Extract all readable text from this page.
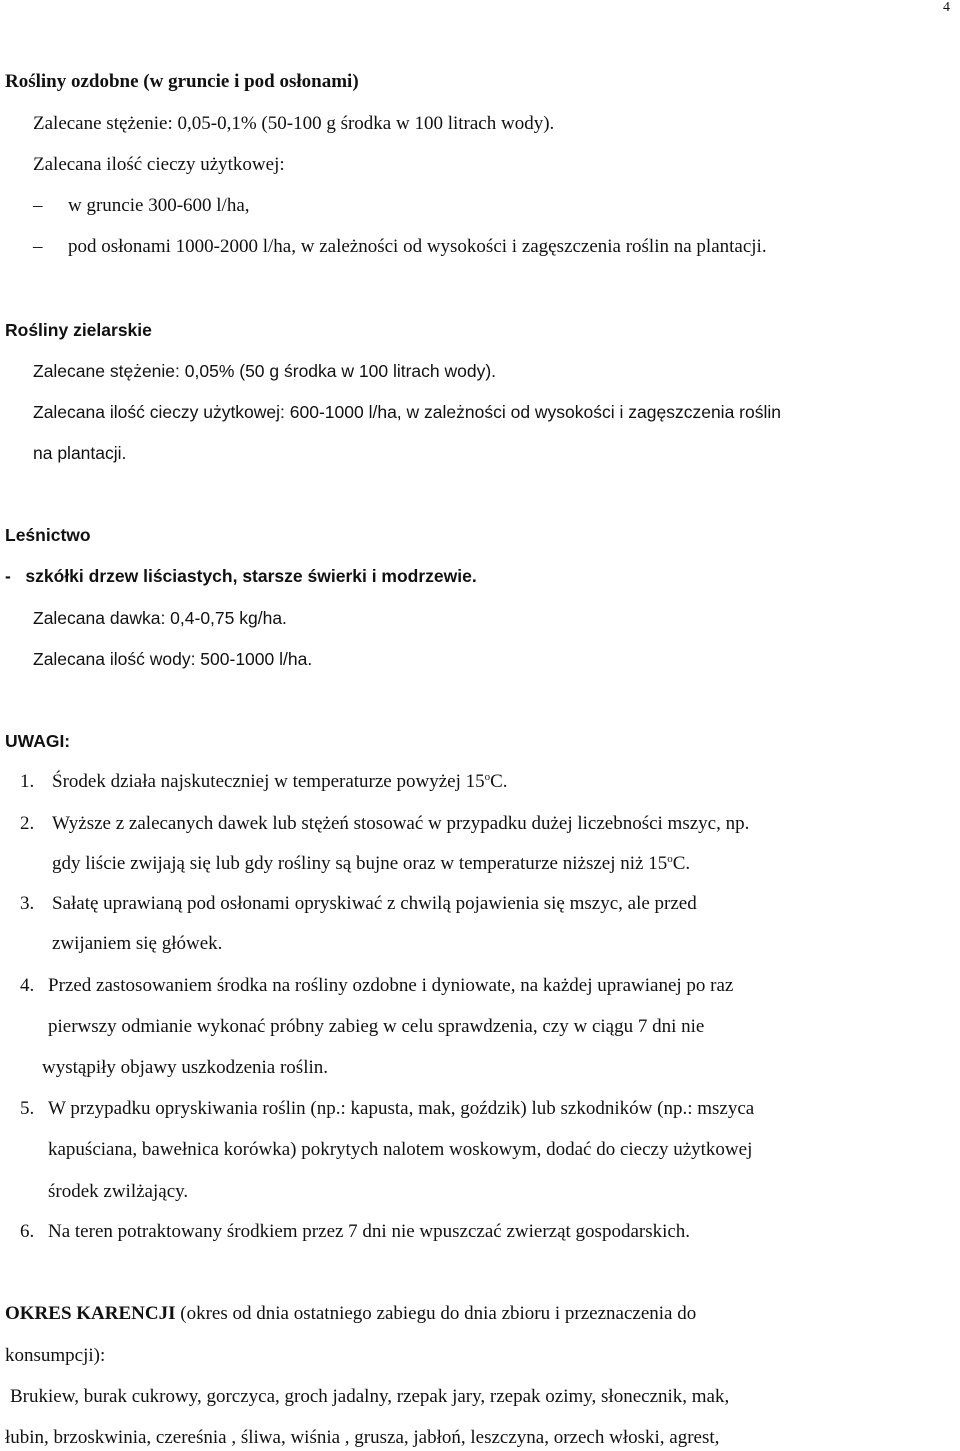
4
Rośliny ozdobne (w gruncie i pod osłonami)
Zalecane stężenie: 0,05-0,1% (50-100 g środka w 100 litrach wody).
Zalecana ilość cieczy użytkowej:
– w gruncie 300-600 l/ha,
– pod osłonami 1000-2000 l/ha, w zależności od wysokości i zagęszczenia roślin na plantacji.
Rośliny zielarskie
Zalecane stężenie: 0,05% (50 g środka w 100 litrach wody).
Zalecana ilość cieczy użytkowej: 600-1000 l/ha, w zależności od wysokości i zagęszczenia roślin
na plantacji.
Leśnictwo
-   szkółki drzew liściastych, starsze świerki i modrzewie.
Zalecana dawka: 0,4-0,75 kg/ha.
Zalecana ilość wody: 500-1000 l/ha.
UWAGI:
1. Środek działa najskuteczniej w temperaturze powyżej 15$^o$C.
2. Wyższe z zalecanych dawek lub stężeń stosować w przypadku dużej liczebności mszyc, np.
gdy liście zwijają się lub gdy rośliny są bujne oraz w temperaturze niższej niż 15$^o$C.
3. Sałatę uprawianą pod osłonami opryskiwać z chwilą pojawienia się mszyc, ale przed
zwijaniem się główek.
4. Przed zastosowaniem środka na rośliny ozdobne i dyniowate, na każdej uprawianej po raz
pierwszy odmianie wykonać próbny zabieg w celu sprawdzenia, czy w ciągu 7 dni nie
wystąpiły objawy uszkodzenia roślin.
5. W przypadku opryskiwania roślin (np.: kapusta, mak, goździk) lub szkodników (np.: mszyca
kapuściana, bawełnica korówka) pokrytych nalotem woskowym, dodać do cieczy użytkowej
środek zwilżający.
6. Na teren potraktowany środkiem przez 7 dni nie wpuszczać zwierząt gospodarskich.
OKRES KARENCJI (okres od dnia ostatniego zabiegu do dnia zbioru i przeznaczenia do
konsumpcji):
Brukiew, burak cukrowy, gorczyca, groch jadalny, rzepak jary, rzepak ozimy, słonecznik, mak,
łubin, brzoskwinia, czereśnia , śliwa, wiśnia , grusza, jabłoń, leszczyna, orzech włoski, agrest,
